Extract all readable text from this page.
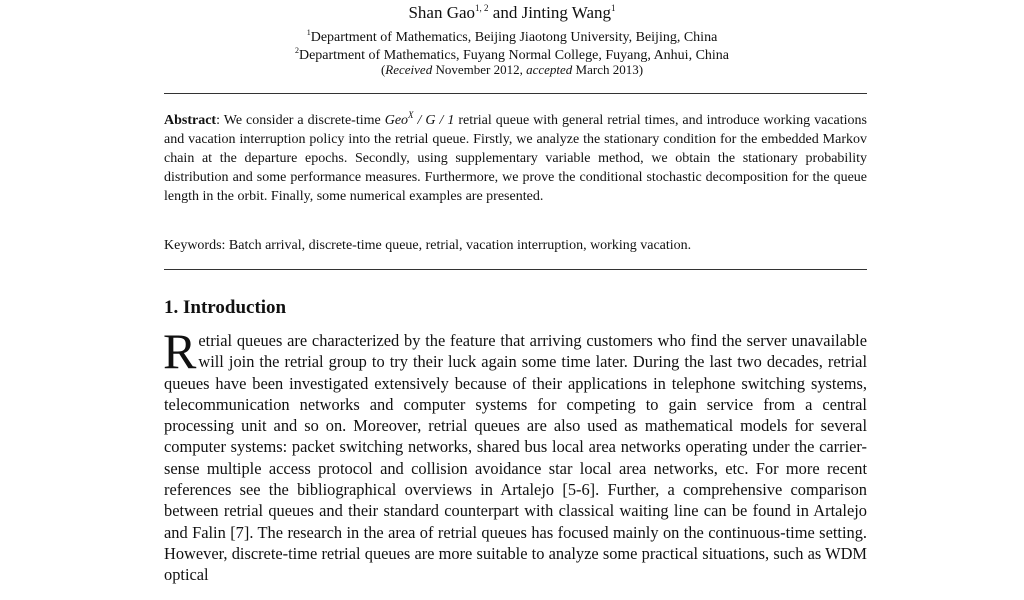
Shan Gao$^{1, 2}$ and Jinting Wang$^1$
$^1$Department of Mathematics, Beijing Jiaotong University, Beijing, China
$^2$Department of Mathematics, Fuyang Normal College, Fuyang, Anhui, China
(Received November 2012, accepted March 2013)
Abstract: We consider a discrete-time Geo$^X$ / G / 1 retrial queue with general retrial times, and introduce working vacations and vacation interruption policy into the retrial queue. Firstly, we analyze the stationary condition for the embedded Markov chain at the departure epochs. Secondly, using supplementary variable method, we obtain the stationary probability distribution and some performance measures. Furthermore, we prove the conditional stochastic decomposition for the queue length in the orbit. Finally, some numerical examples are presented.
Keywords: Batch arrival, discrete-time queue, retrial, vacation interruption, working vacation.
1. Introduction
Retrial queues are characterized by the feature that arriving customers who find the server unavailable will join the retrial group to try their luck again some time later. During the last two decades, retrial queues have been investigated extensively because of their applications in telephone switching systems, telecommunication networks and computer systems for competing to gain service from a central processing unit and so on. Moreover, retrial queues are also used as mathematical models for several computer systems: packet switching networks, shared bus local area networks operating under the carrier-sense multiple access protocol and collision avoidance star local area networks, etc. For more recent references see the bibliographical overviews in Artalejo [5-6]. Further, a comprehensive comparison between retrial queues and their standard counterpart with classical waiting line can be found in Artalejo and Falin [7]. The research in the area of retrial queues has focused mainly on the continuous-time setting. However, discrete-time retrial queues are more suitable to analyze some practical situations, such as WDM optical
